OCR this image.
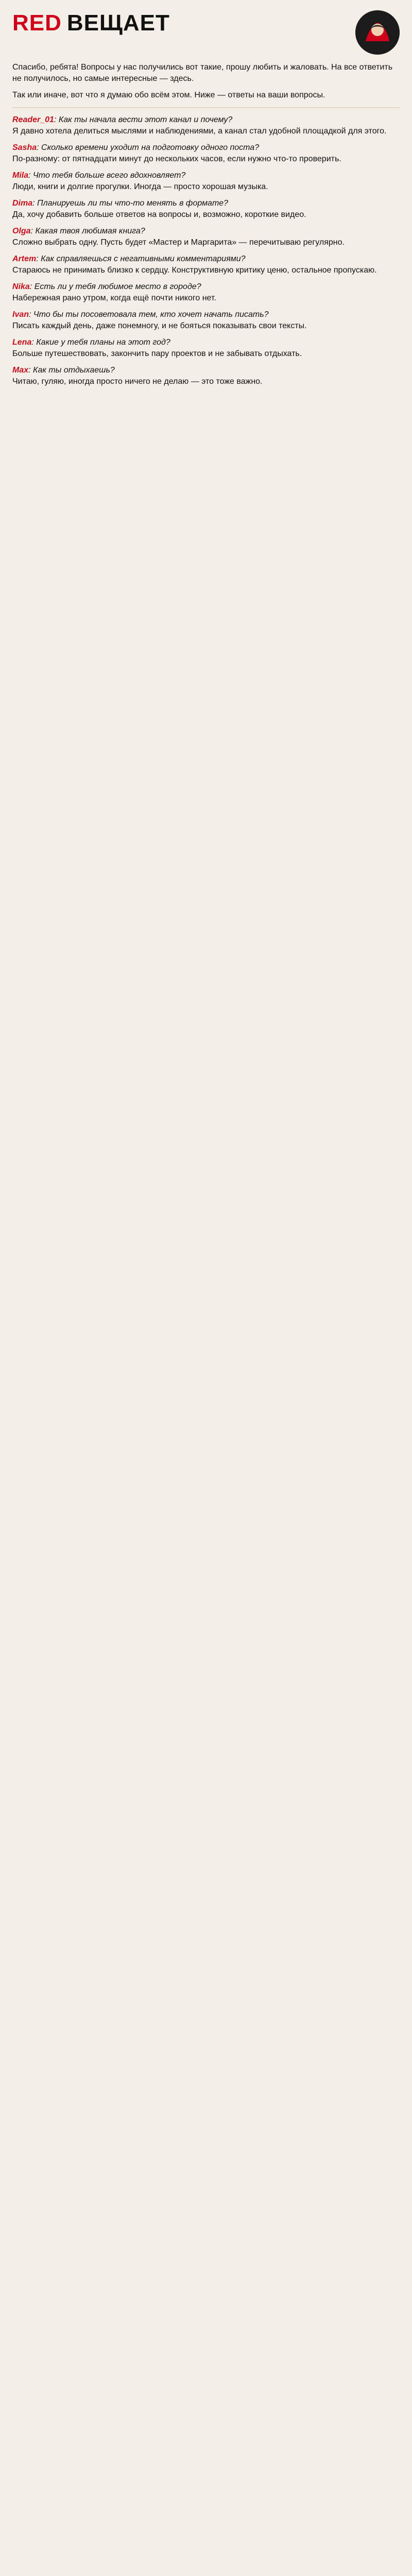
RED ВЕЩАЕТ

Спасибо, ребята! Вопросы у нас получились вот такие, прошу любить и жаловать. На все ответить не получилось, но самые интересные — здесь.

Так или иначе, вот что я думаю обо всём этом. Ниже — ответы на ваши вопросы.

Reader_01: Как ты начала вести этот канал и почему?
Я давно хотела делиться мыслями и наблюдениями, а канал стал удобной площадкой для этого.
Sasha: Сколько времени уходит на подготовку одного поста?
По-разному: от пятнадцати минут до нескольких часов, если нужно что-то проверить.
Mila: Что тебя больше всего вдохновляет?
Люди, книги и долгие прогулки. Иногда — просто хорошая музыка.
Dima: Планируешь ли ты что-то менять в формате?
Да, хочу добавить больше ответов на вопросы и, возможно, короткие видео.
Olga: Какая твоя любимая книга?
Сложно выбрать одну. Пусть будет «Мастер и Маргарита» — перечитываю регулярно.
Artem: Как справляешься с негативными комментариями?
Стараюсь не принимать близко к сердцу. Конструктивную критику ценю, остальное пропускаю.
Nika: Есть ли у тебя любимое место в городе?
Набережная рано утром, когда ещё почти никого нет.
Ivan: Что бы ты посоветовала тем, кто хочет начать писать?
Писать каждый день, даже понемногу, и не бояться показывать свои тексты.
Lena: Какие у тебя планы на этот год?
Больше путешествовать, закончить пару проектов и не забывать отдыхать.
Max: Как ты отдыхаешь?
Читаю, гуляю, иногда просто ничего не делаю — это тоже важно.
